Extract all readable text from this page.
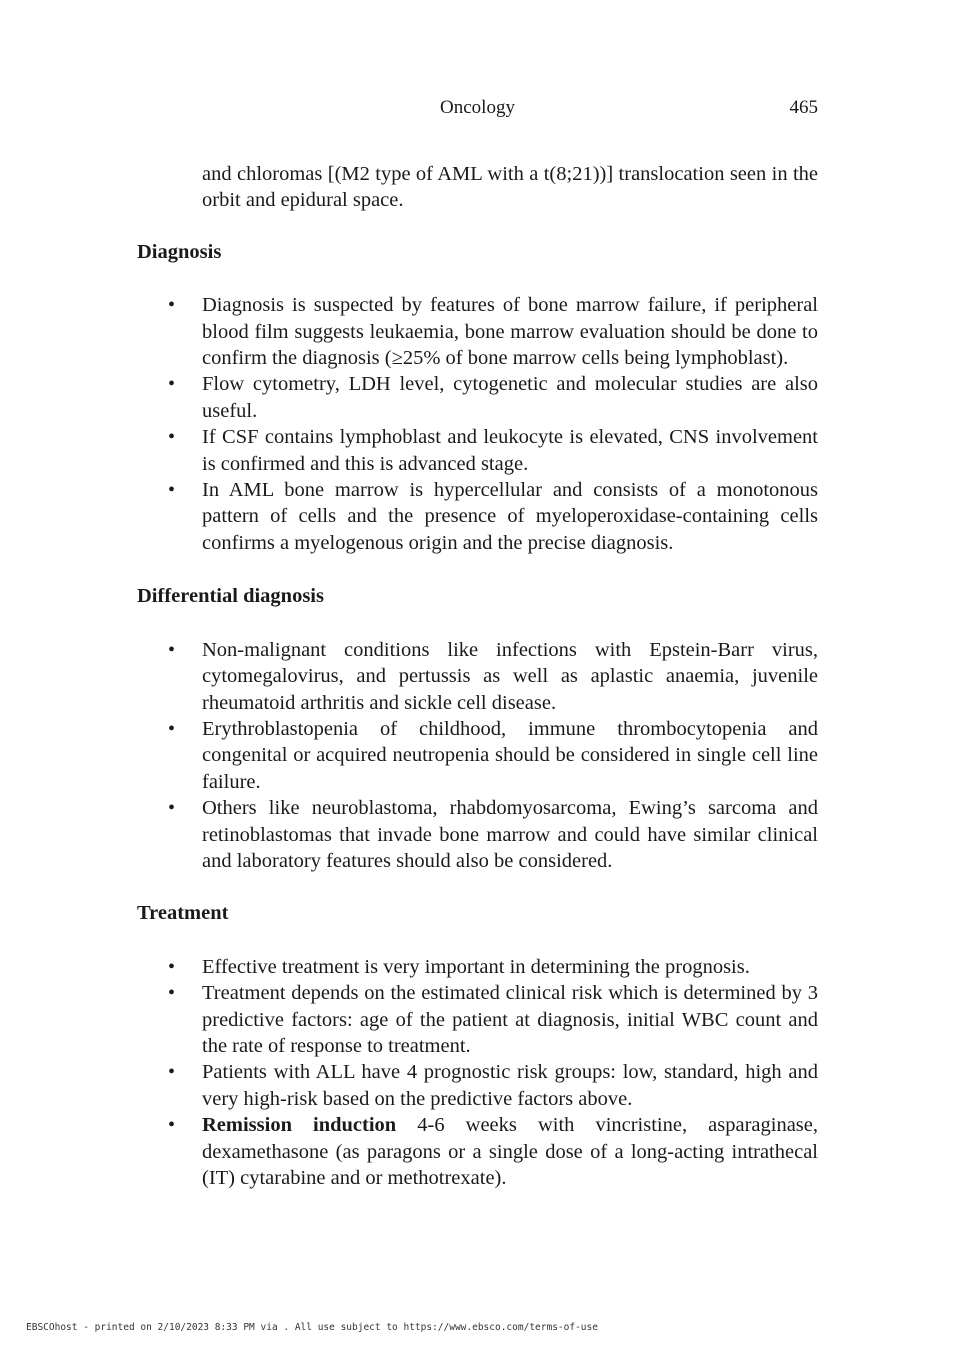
Oncology	465

and chloromas [(M2 type of AML with a t(8;21))] translocation seen in the orbit and epidural space.

Diagnosis
• Diagnosis is suspected by features of bone marrow failure, if peripheral blood film suggests leukaemia, bone marrow evaluation should be done to confirm the diagnosis (≥25% of bone marrow cells being lymphoblast).
• Flow cytometry, LDH level, cytogenetic and molecular studies are also useful.
• If CSF contains lymphoblast and leukocyte is elevated, CNS involvement is confirmed and this is advanced stage.
• In AML bone marrow is hypercellular and consists of a monotonous pattern of cells and the presence of myeloperoxidase-containing cells confirms a myelogenous origin and the precise diagnosis.
Differential diagnosis
• Non-malignant conditions like infections with Epstein-Barr virus, cytomegalovirus, and pertussis as well as aplastic anaemia, juvenile rheumatoid arthritis and sickle cell disease.
• Erythroblastopenia of childhood, immune thrombocytopenia and congenital or acquired neutropenia should be considered in single cell line failure.
• Others like neuroblastoma, rhabdomyosarcoma, Ewing’s sarcoma and retinoblastomas that invade bone marrow and could have similar clinical and laboratory features should also be considered.
Treatment
• Effective treatment is very important in determining the prognosis.
• Treatment depends on the estimated clinical risk which is determined by 3 predictive factors: age of the patient at diagnosis, initial WBC count and the rate of response to treatment.
• Patients with ALL have 4 prognostic risk groups: low, standard, high and very high-risk based on the predictive factors above.
• Remission induction 4-6 weeks with vincristine, asparaginase, dexamethasone (as paragons or a single dose of a long-acting intrathecal (IT) cytarabine and or methotrexate).
EBSCOhost - printed on 2/10/2023 8:33 PM via . All use subject to https://www.ebsco.com/terms-of-use
